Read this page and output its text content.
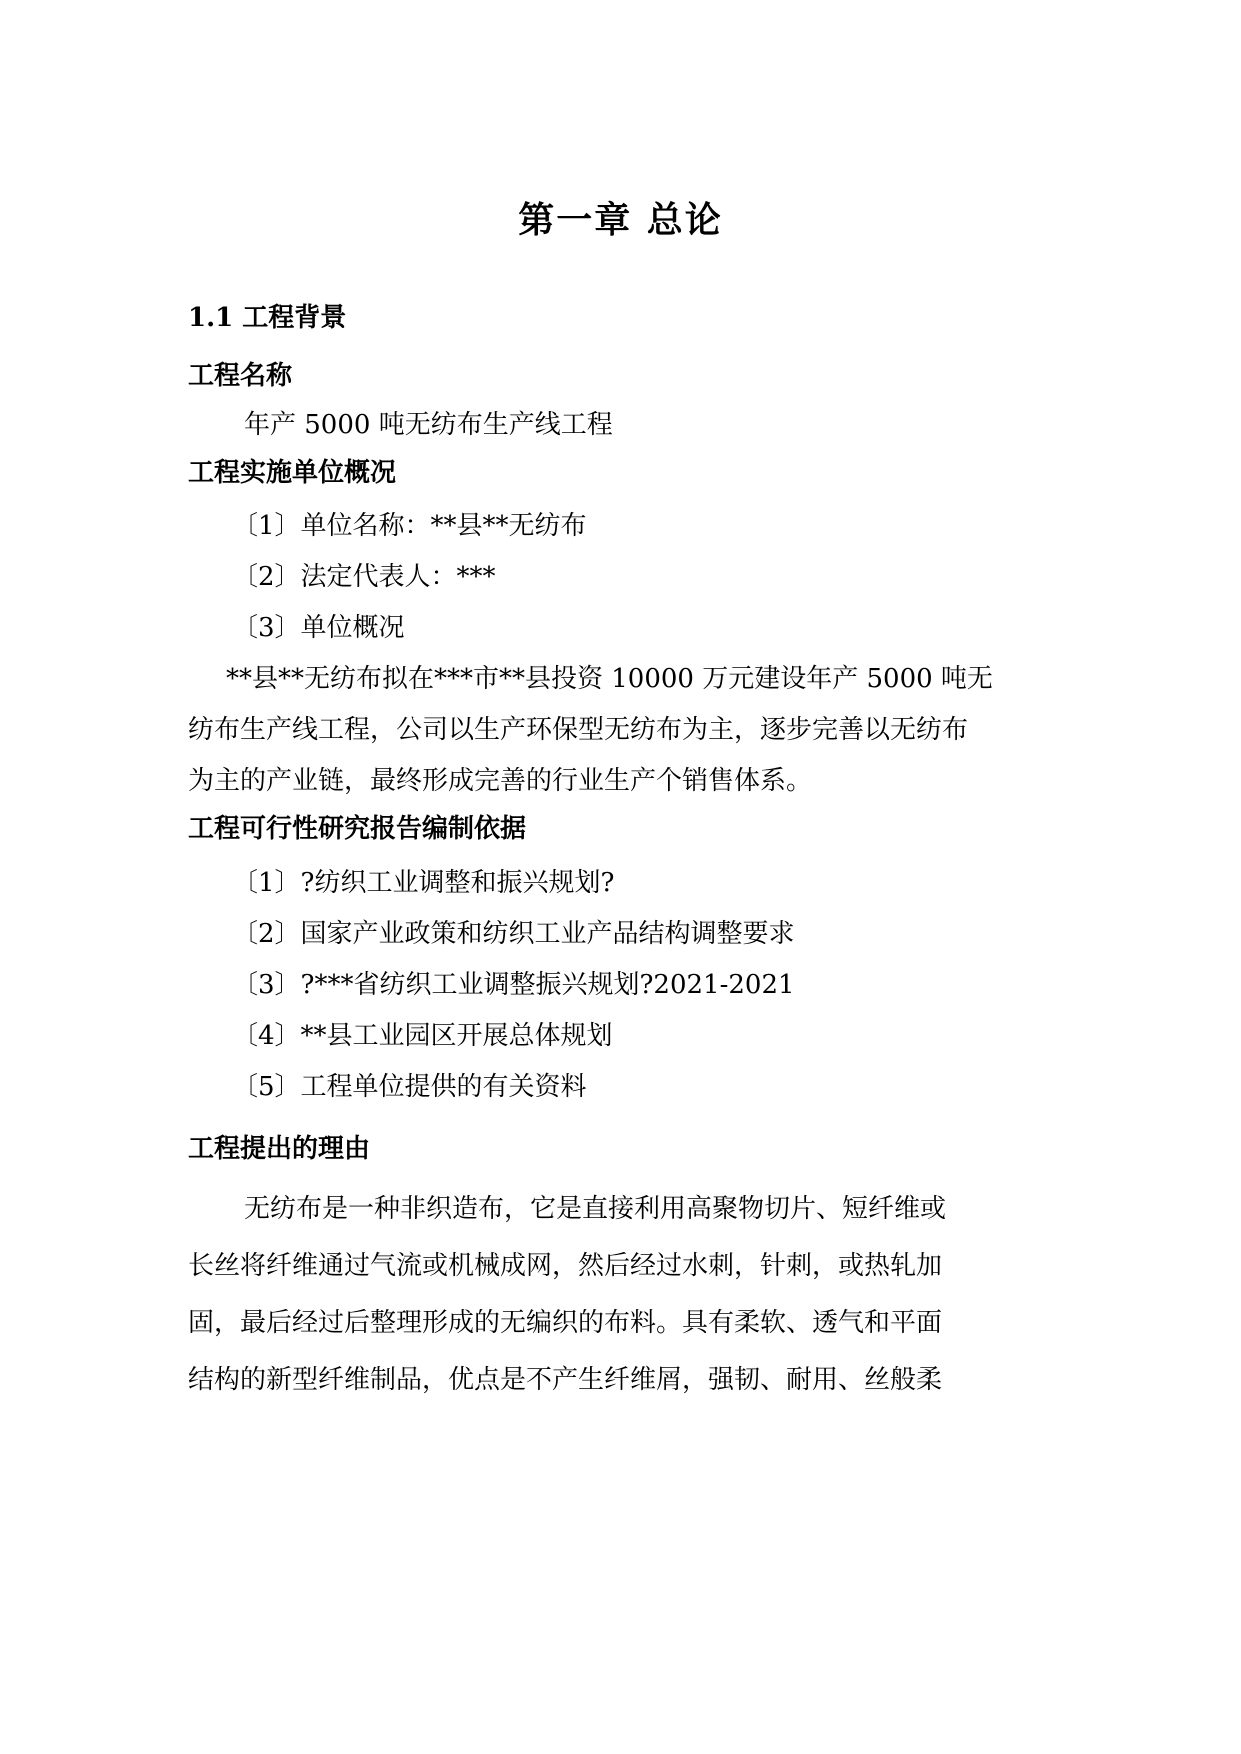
第一章 总论
1.1 工程背景
工程名称

年产 5000 吨无纺布生产线工程

工程实施单位概况

〔1〕单位名称：**县**无纺布

〔2〕法定代表人：***

〔3〕单位概况

**县**无纺布拟在***市**县投资 10000 万元建设年产 5000 吨无

纺布生产线工程，公司以生产环保型无纺布为主，逐步完善以无纺布

为主的产业链，最终形成完善的行业生产个销售体系。

工程可行性研究报告编制依据

〔1〕?纺织工业调整和振兴规划?

〔2〕国家产业政策和纺织工业产品结构调整要求

〔3〕?***省纺织工业调整振兴规划?2021-2021

〔4〕**县工业园区开展总体规划

〔5〕工程单位提供的有关资料

工程提出的理由

无纺布是一种非织造布，它是直接利用高聚物切片、短纤维或

长丝将纤维通过气流或机械成网，然后经过水刺，针刺，或热轧加

固，最后经过后整理形成的无编织的布料。具有柔软、透气和平面

结构的新型纤维制品，优点是不产生纤维屑，强韧、耐用、丝般柔
